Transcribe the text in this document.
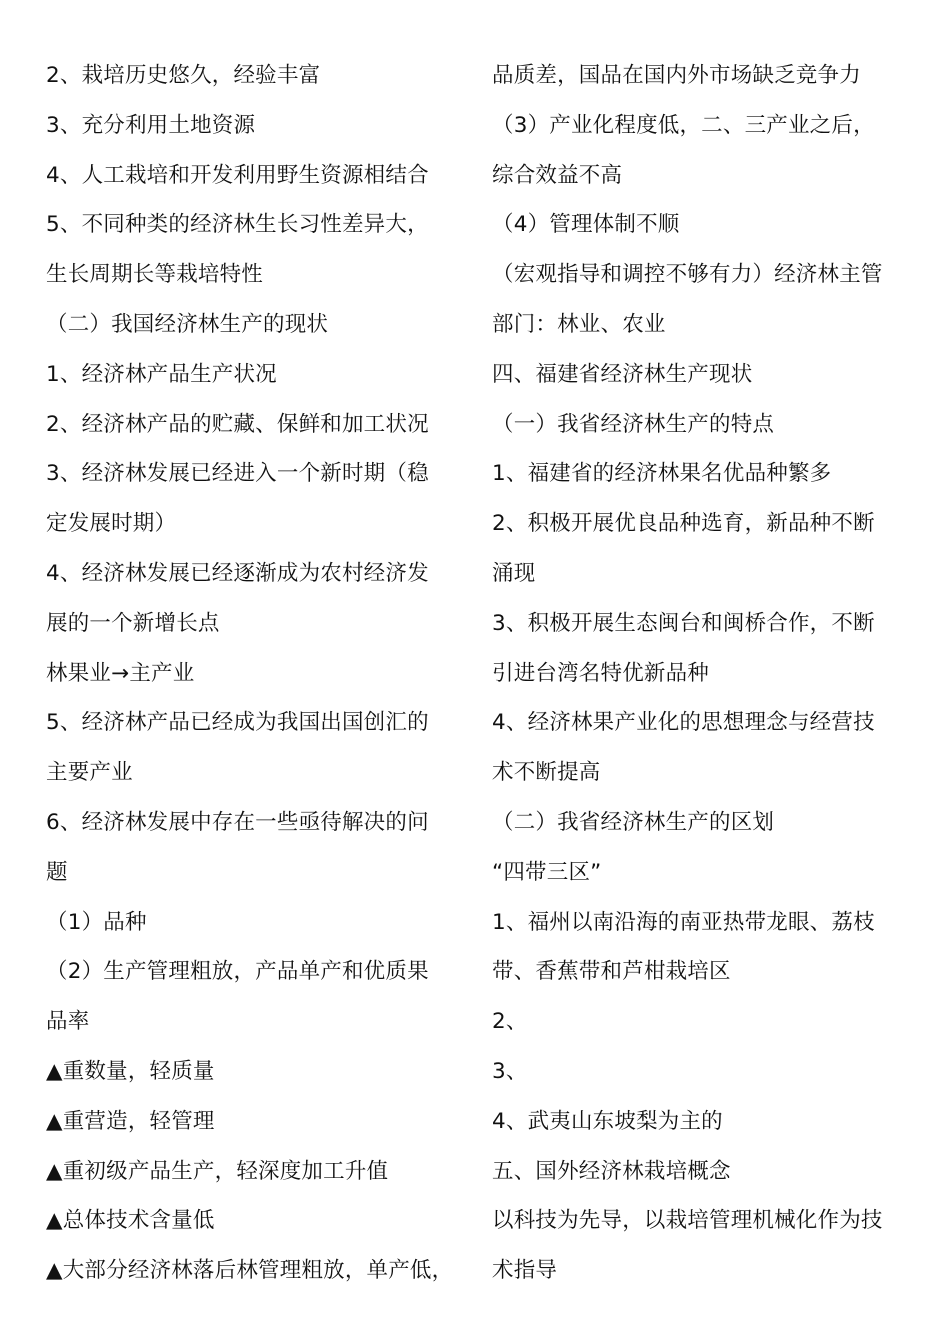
2、栽培历史悠久，经验丰富
3、充分利用土地资源
4、人工栽培和开发利用野生资源相结合
5、不同种类的经济林生长习性差异大，
生长周期长等栽培特性
（二）我国经济林生产的现状
1、经济林产品生产状况
2、经济林产品的贮藏、保鲜和加工状况
3、经济林发展已经进入一个新时期（稳
定发展时期）
4、经济林发展已经逐渐成为农村经济发
展的一个新增长点
林果业→主产业
5、经济林产品已经成为我国出国创汇的
主要产业
6、经济林发展中存在一些亟待解决的问
题
（1）品种
（2）生产管理粗放，产品单产和优质果
品率
▲重数量，轻质量
▲重营造，轻管理
▲重初级产品生产，轻深度加工升值
▲总体技术含量低
▲大部分经济林落后林管理粗放，单产低，
品质差，国品在国内外市场缺乏竞争力
（3）产业化程度低，二、三产业之后，
综合效益不高
（4）管理体制不顺
（宏观指导和调控不够有力）经济林主管
部门：林业、农业
四、福建省经济林生产现状
（一）我省经济林生产的特点
1、福建省的经济林果名优品种繁多
2、积极开展优良品种选育，新品种不断
涌现
3、积极开展生态闽台和闽桥合作，不断
引进台湾名特优新品种
4、经济林果产业化的思想理念与经营技
术不断提高
（二）我省经济林生产的区划
“四带三区”
1、福州以南沿海的南亚热带龙眼、荔枝
带、香蕉带和芦柑栽培区
2、
3、
4、武夷山东坡梨为主的
五、国外经济林栽培概念
以科技为先导，以栽培管理机械化作为技
术指导
